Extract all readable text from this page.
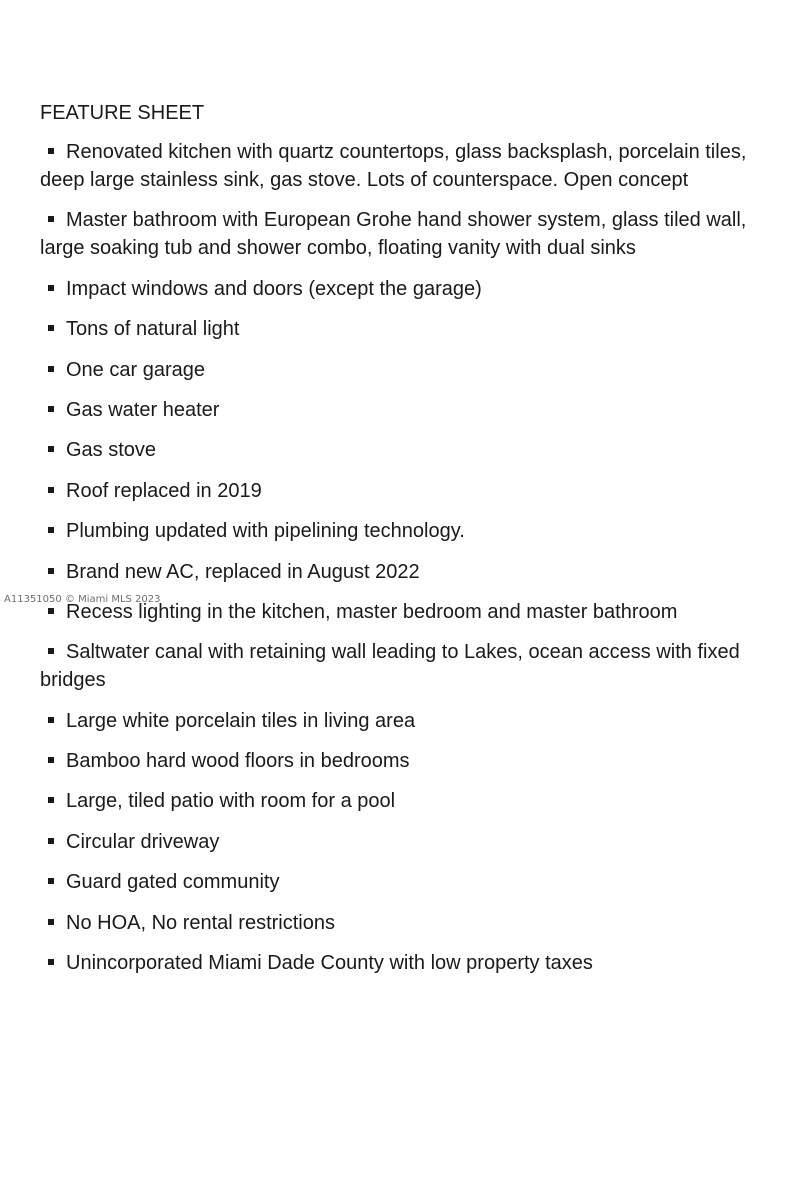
FEATURE SHEET
Renovated kitchen with quartz countertops, glass backsplash, porcelain tiles, deep large stainless sink, gas stove. Lots of counterspace. Open concept
Master bathroom with European Grohe hand shower system, glass tiled wall, large soaking tub and shower combo, floating vanity with dual sinks
Impact windows and doors (except the garage)
Tons of natural light
One car garage
Gas water heater
Gas stove
Roof replaced in 2019
Plumbing updated with pipelining technology.
Brand new AC, replaced in August 2022
Recess lighting in the kitchen, master bedroom and master bathroom
Saltwater canal with retaining wall leading to Lakes, ocean access with fixed bridges
Large white porcelain tiles in living area
Bamboo hard wood floors in bedrooms
Large, tiled patio with room for a pool
Circular driveway
Guard gated community
No HOA, No rental restrictions
Unincorporated Miami Dade County with low property taxes
A11351050 © Miami MLS 2023
